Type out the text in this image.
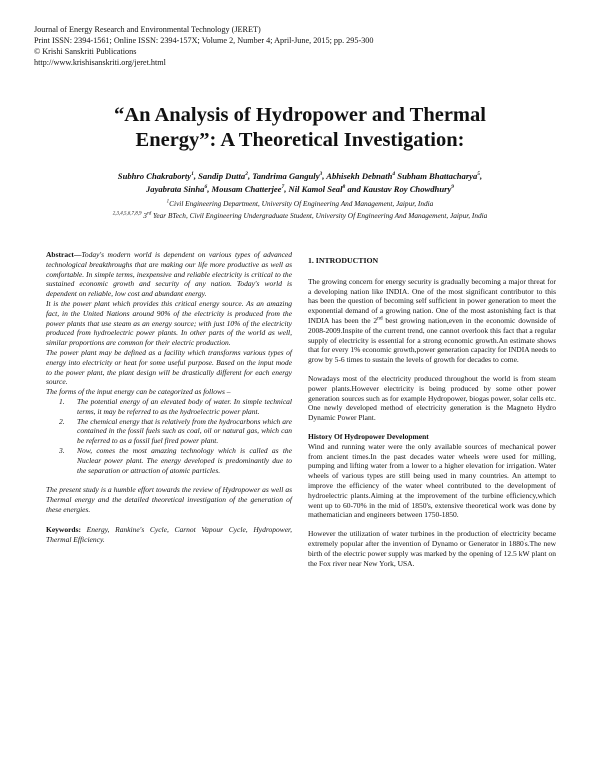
Journal of Energy Research and Environmental Technology (JERET)
Print ISSN: 2394-1561; Online ISSN: 2394-157X; Volume 2, Number 4; April-June, 2015; pp. 295-300
© Krishi Sanskriti Publications
http://www.krishisanskriti.org/jeret.html
“An Analysis of Hydropower and Thermal
Energy”: A Theoretical Investigation:
Subhro Chakraborty$^1$, Sandip Dutta$^2$, Tandrima Ganguly$^3$, Abhisekh Debnath$^4$ Subham Bhattacharya$^5$,
Jayabrata Sinha$^6$, Mousam Chatterjee$^7$, Nil Kamol Seal$^8$ and Kaustav Roy Chowdhury$^9$
$^1$Civil Engineering Department, University Of Engineering And Management, Jaipur, India
$^{2,3,4,5,6,7,8,9}$ 3rd Year BTech, Civil Engineering Undergraduate Student, University Of Engineering And Management, Jaipur, India

Abstract—Today's modern world is dependent on various types of advanced technological breakthroughs that are making our life more productive as well as comfortable. In simple terms, inexpensive and reliable electricity is critical to the sustained economic growth and security of any nation. Today's world is dependent on reliable, low cost and abundant energy.

It is the power plant which provides this critical energy source. As an amazing fact, in the United Nations around 90% of the electricity is produced from the power plants that use steam as an energy source; with just 10% of the electricity produced from hydroelectric power plants. In other parts of the world as well, similar proportions are common for their electric production.

The power plant may be defined as a facility which transforms various types of energy into electricity or heat for some useful purpose. Based on the input mode to the power plant, the plant design will be drastically different for each energy source.

The forms of the input energy can be categorized as follows –

1. The potential energy of an elevated body of water. In simple technical terms, it may be referred to as the hydroelectric power plant.
2. The chemical energy that is relatively from the hydrocarbons which are contained in the fossil fuels such as coal, oil or natural gas, which can be referred to as a fossil fuel fired power plant.
3. Now, comes the most amazing technology which is called as the Nuclear power plant. The energy developed is predominantly due to the separation or attraction of atomic particles.

The present study is a humble effort towards the review of Hydropower as well as Thermal energy and the detailed theoretical investigation of the generation of these energies.

Keywords: Energy, Rankine's Cycle, Carnot Vapour Cycle, Hydropower, Thermal Efficiency.

1. INTRODUCTION

The growing concern for energy security is gradually becoming a major threat for a developing nation like INDIA. One of the most significant contributor to this has been the question of becoming self sufficient in power generation to meet the exponential demand of a growing nation. One of the most astonishing fact is that INDIA has been the 2nd best growing nation,even in the economic downside of 2008-2009.Inspite of the current trend, one cannot overlook this fact that a regular supply of electricity is essential for a strong economic growth.An estimate shows that for every 1% economic growth,power generation capacity for INDIA needs to grow by 5-6 times to sustain the levels of growth for decades to come.

Nowadays most of the electricity produced throughout the world is from steam power plants.However electricity is being produced by some other power generation sources such as for example Hydropower, biogas power, solar cells etc. One newly developed method of electricity generation is the Magneto Hydro Dynamic Power Plant.

History Of Hydropower Development

Wind and running water were the only available sources of mechanical power from ancient times.In the past decades water wheels were used for milling, pumping and lifting water from a lower to a higher elevation for irrigation. Water wheels of various types are still being used in many countries. An attempt to improve the efficiency of the water wheel contributed to the development of hydroelectric plants.Aiming at the improvement of the turbine efficiency,which went up to 60-70% in the mid of 1850's, extensive theoretical work was done by mathematician and engineers between 1750-1850.

However the utilization of water turbines in the production of electricity became extremely popular after the invention of Dynamo or Generator in 1880's.The new birth of the electric power supply was marked by the opening of 12.5 kW plant on the Fox river near New York, USA.
